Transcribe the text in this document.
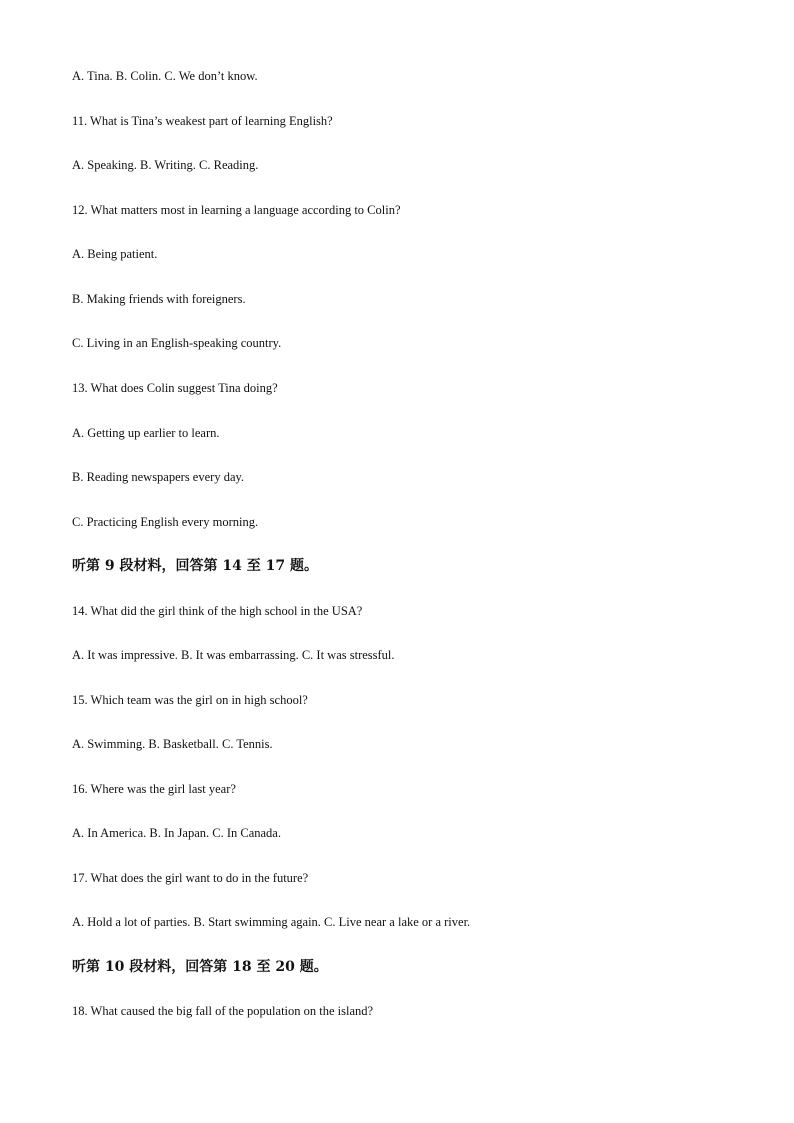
A. Tina. B. Colin. C. We don’t know.
11. What is Tina’s weakest part of learning English?
A. Speaking. B. Writing. C. Reading.
12. What matters most in learning a language according to Colin?
A. Being patient.
B. Making friends with foreigners.
C. Living in an English-speaking country.
13. What does Colin suggest Tina doing?
A. Getting up earlier to learn.
B. Reading newspapers every day.
C. Practicing English every morning.
听第 9 段材料，回答第 14 至 17 题。
14. What did the girl think of the high school in the USA?
A. It was impressive. B. It was embarrassing. C. It was stressful.
15. Which team was the girl on in high school?
A. Swimming. B. Basketball. C. Tennis.
16. Where was the girl last year?
A. In America. B. In Japan. C. In Canada.
17. What does the girl want to do in the future?
A. Hold a lot of parties. B. Start swimming again. C. Live near a lake or a river.
听第 10 段材料，回答第 18 至 20 题。
18. What caused the big fall of the population on the island?
